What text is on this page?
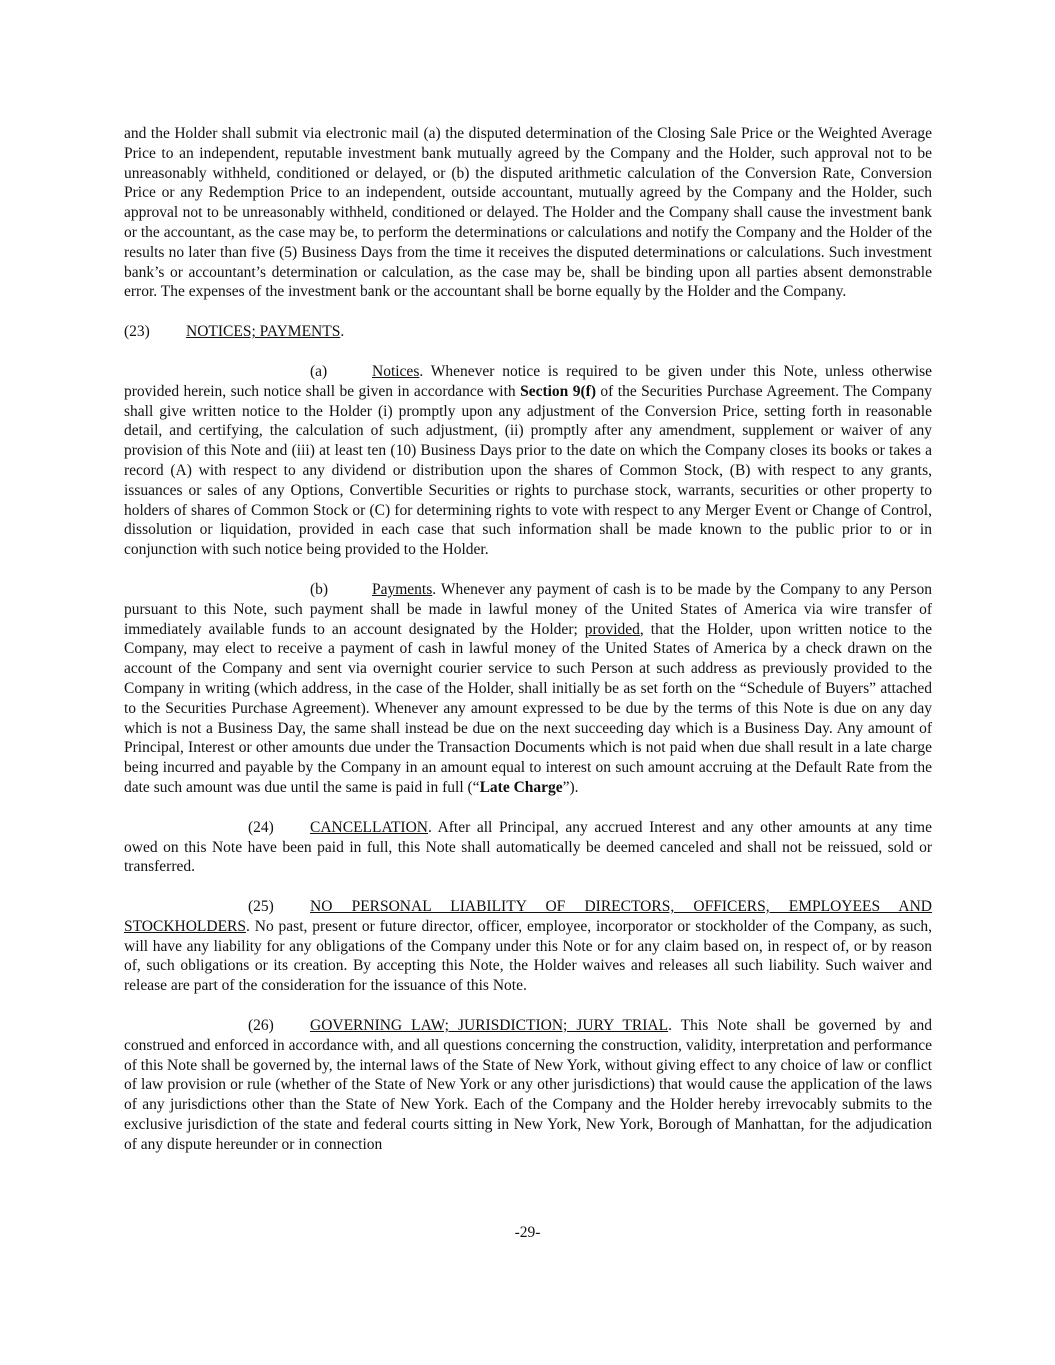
and the Holder shall submit via electronic mail (a) the disputed determination of the Closing Sale Price or the Weighted Average Price to an independent, reputable investment bank mutually agreed by the Company and the Holder, such approval not to be unreasonably withheld, conditioned or delayed, or (b) the disputed arithmetic calculation of the Conversion Rate, Conversion Price or any Redemption Price to an independent, outside accountant, mutually agreed by the Company and the Holder, such approval not to be unreasonably withheld, conditioned or delayed. The Holder and the Company shall cause the investment bank or the accountant, as the case may be, to perform the determinations or calculations and notify the Company and the Holder of the results no later than five (5) Business Days from the time it receives the disputed determinations or calculations. Such investment bank’s or accountant’s determination or calculation, as the case may be, shall be binding upon all parties absent demonstrable error. The expenses of the investment bank or the accountant shall be borne equally by the Holder and the Company.

(23) NOTICES; PAYMENTS.

(a)	Notices. Whenever notice is required to be given under this Note, unless otherwise provided herein, such notice shall be given in accordance with Section 9(f) of the Securities Purchase Agreement. The Company shall give written notice to the Holder (i) promptly upon any adjustment of the Conversion Price, setting forth in reasonable detail, and certifying, the calculation of such adjustment, (ii) promptly after any amendment, supplement or waiver of any provision of this Note and (iii) at least ten (10) Business Days prior to the date on which the Company closes its books or takes a record (A) with respect to any dividend or distribution upon the shares of Common Stock, (B) with respect to any grants, issuances or sales of any Options, Convertible Securities or rights to purchase stock, warrants, securities or other property to holders of shares of Common Stock or (C) for determining rights to vote with respect to any Merger Event or Change of Control, dissolution or liquidation, provided in each case that such information shall be made known to the public prior to or in conjunction with such notice being provided to the Holder.

(b)	Payments. Whenever any payment of cash is to be made by the Company to any Person pursuant to this Note, such payment shall be made in lawful money of the United States of America via wire transfer of immediately available funds to an account designated by the Holder; provided, that the Holder, upon written notice to the Company, may elect to receive a payment of cash in lawful money of the United States of America by a check drawn on the account of the Company and sent via overnight courier service to such Person at such address as previously provided to the Company in writing (which address, in the case of the Holder, shall initially be as set forth on the “Schedule of Buyers” attached to the Securities Purchase Agreement). Whenever any amount expressed to be due by the terms of this Note is due on any day which is not a Business Day, the same shall instead be due on the next succeeding day which is a Business Day. Any amount of Principal, Interest or other amounts due under the Transaction Documents which is not paid when due shall result in a late charge being incurred and payable by the Company in an amount equal to interest on such amount accruing at the Default Rate from the date such amount was due until the same is paid in full (“Late Charge”).

(24) CANCELLATION. After all Principal, any accrued Interest and any other amounts at any time owed on this Note have been paid in full, this Note shall automatically be deemed canceled and shall not be reissued, sold or transferred.

(25) NO PERSONAL LIABILITY OF DIRECTORS, OFFICERS, EMPLOYEES AND STOCKHOLDERS. No past, present or future director, officer, employee, incorporator or stockholder of the Company, as such, will have any liability for any obligations of the Company under this Note or for any claim based on, in respect of, or by reason of, such obligations or its creation. By accepting this Note, the Holder waives and releases all such liability. Such waiver and release are part of the consideration for the issuance of this Note.

(26) GOVERNING LAW; JURISDICTION; JURY TRIAL. This Note shall be governed by and construed and enforced in accordance with, and all questions concerning the construction, validity, interpretation and performance of this Note shall be governed by, the internal laws of the State of New York, without giving effect to any choice of law or conflict of law provision or rule (whether of the State of New York or any other jurisdictions) that would cause the application of the laws of any jurisdictions other than the State of New York. Each of the Company and the Holder hereby irrevocably submits to the exclusive jurisdiction of the state and federal courts sitting in New York, New York, Borough of Manhattan, for the adjudication of any dispute hereunder or in connection

-29-
